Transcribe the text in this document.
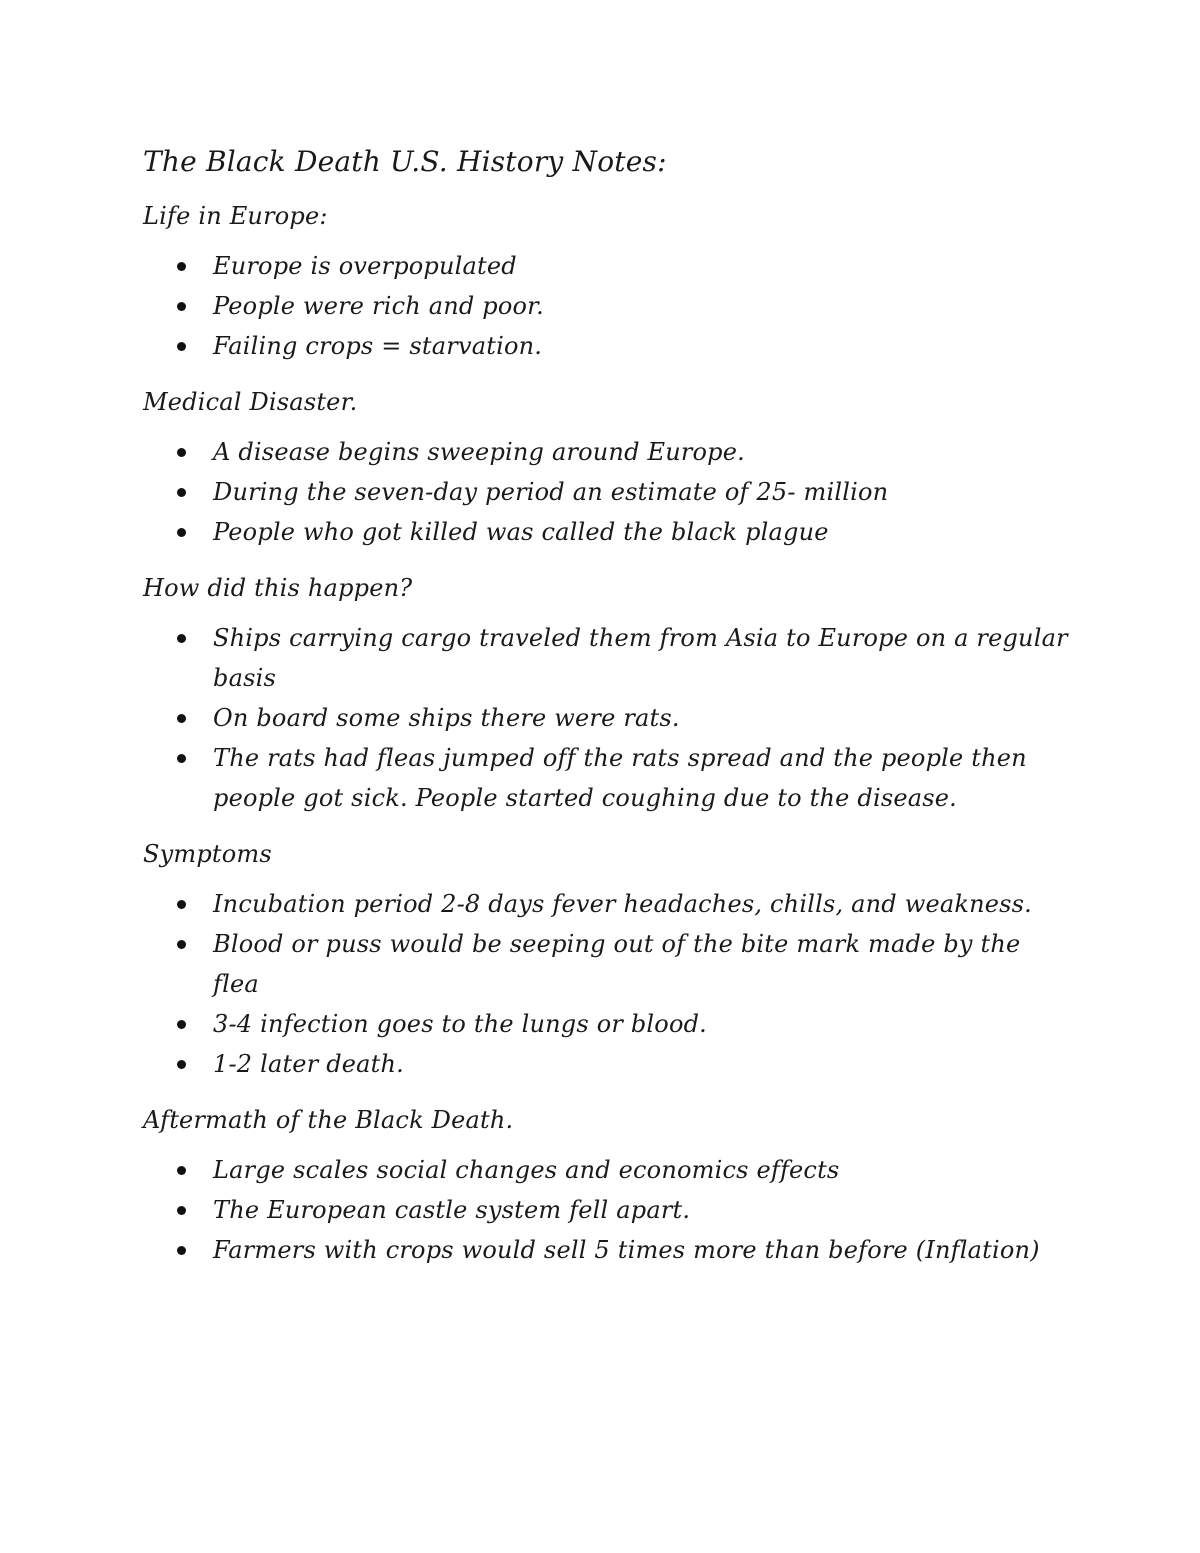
The Black Death U.S. History Notes:
Life in Europe:
Europe is overpopulated
People were rich and poor.
Failing crops = starvation.
Medical Disaster.
A disease begins sweeping around Europe.
During the seven-day period an estimate of 25- million
People who got killed was called the black plague
How did this happen?
Ships carrying cargo traveled them from Asia to Europe on a regular basis
On board some ships there were rats.
The rats had fleas jumped off the rats spread and the people then people got sick. People started coughing due to the disease.
Symptoms
Incubation period 2-8 days fever headaches, chills, and weakness.
Blood or puss would be seeping out of the bite mark made by the flea
3-4 infection goes to the lungs or blood.
1-2 later death.
Aftermath of the Black Death.
Large scales social changes and economics effects
The European castle system fell apart.
Farmers with crops would sell 5 times more than before (Inflation)
